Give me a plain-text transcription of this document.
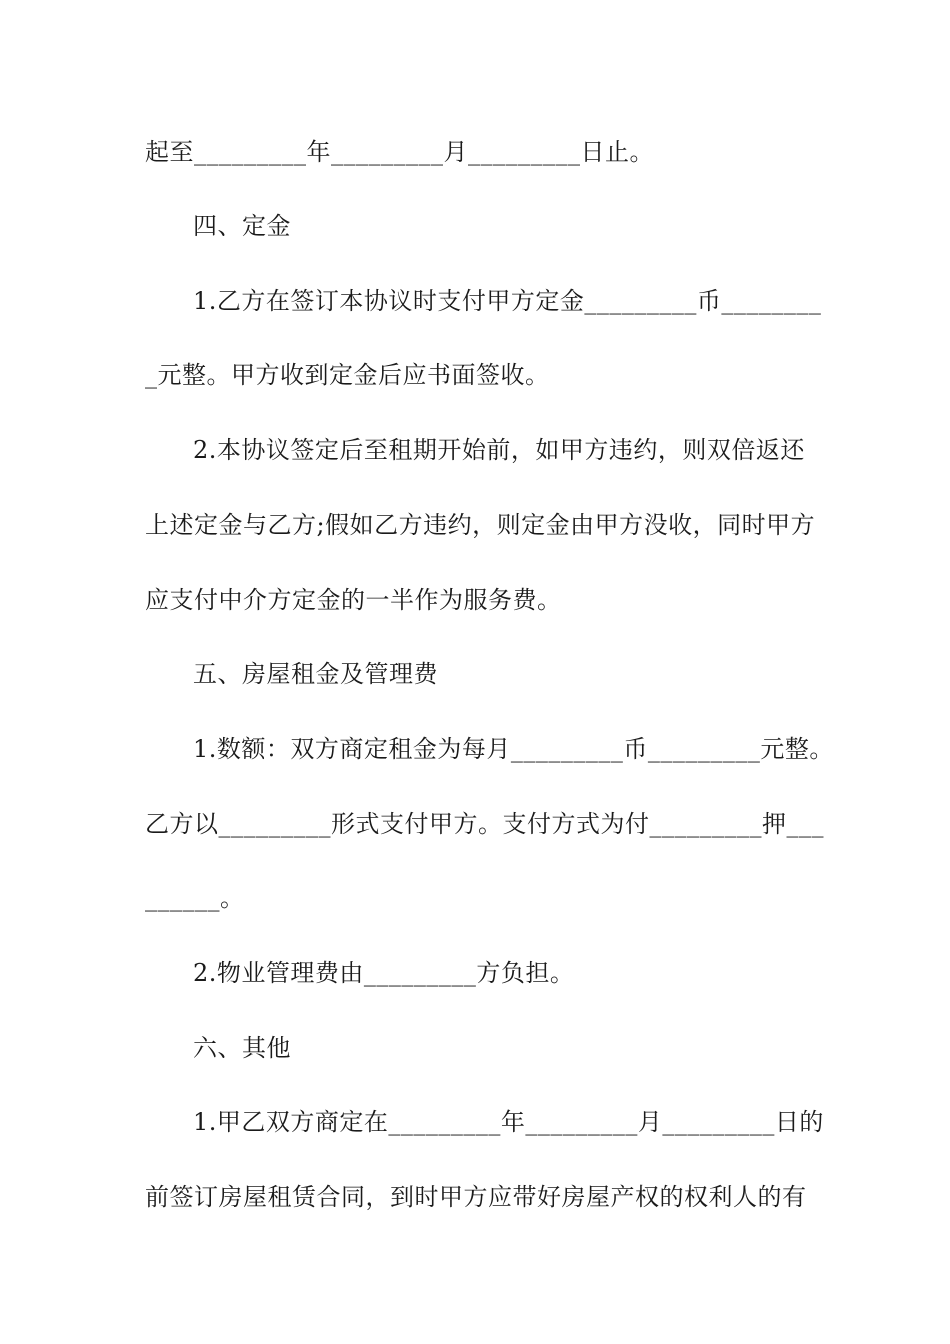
起至_________年_________月_________日止。
四、定金
1.乙方在签订本协议时支付甲方定金_________币________
_元整。甲方收到定金后应书面签收。
2.本协议签定后至租期开始前，如甲方违约，则双倍返还
上述定金与乙方;假如乙方违约，则定金由甲方没收，同时甲方
应支付中介方定金的一半作为服务费。
五、房屋租金及管理费
1.数额：双方商定租金为每月_________币_________元整。
乙方以_________形式支付甲方。支付方式为付_________押___
______。
2.物业管理费由_________方负担。
六、其他
1.甲乙双方商定在_________年_________月_________日的
前签订房屋租赁合同，到时甲方应带好房屋产权的权利人的有
